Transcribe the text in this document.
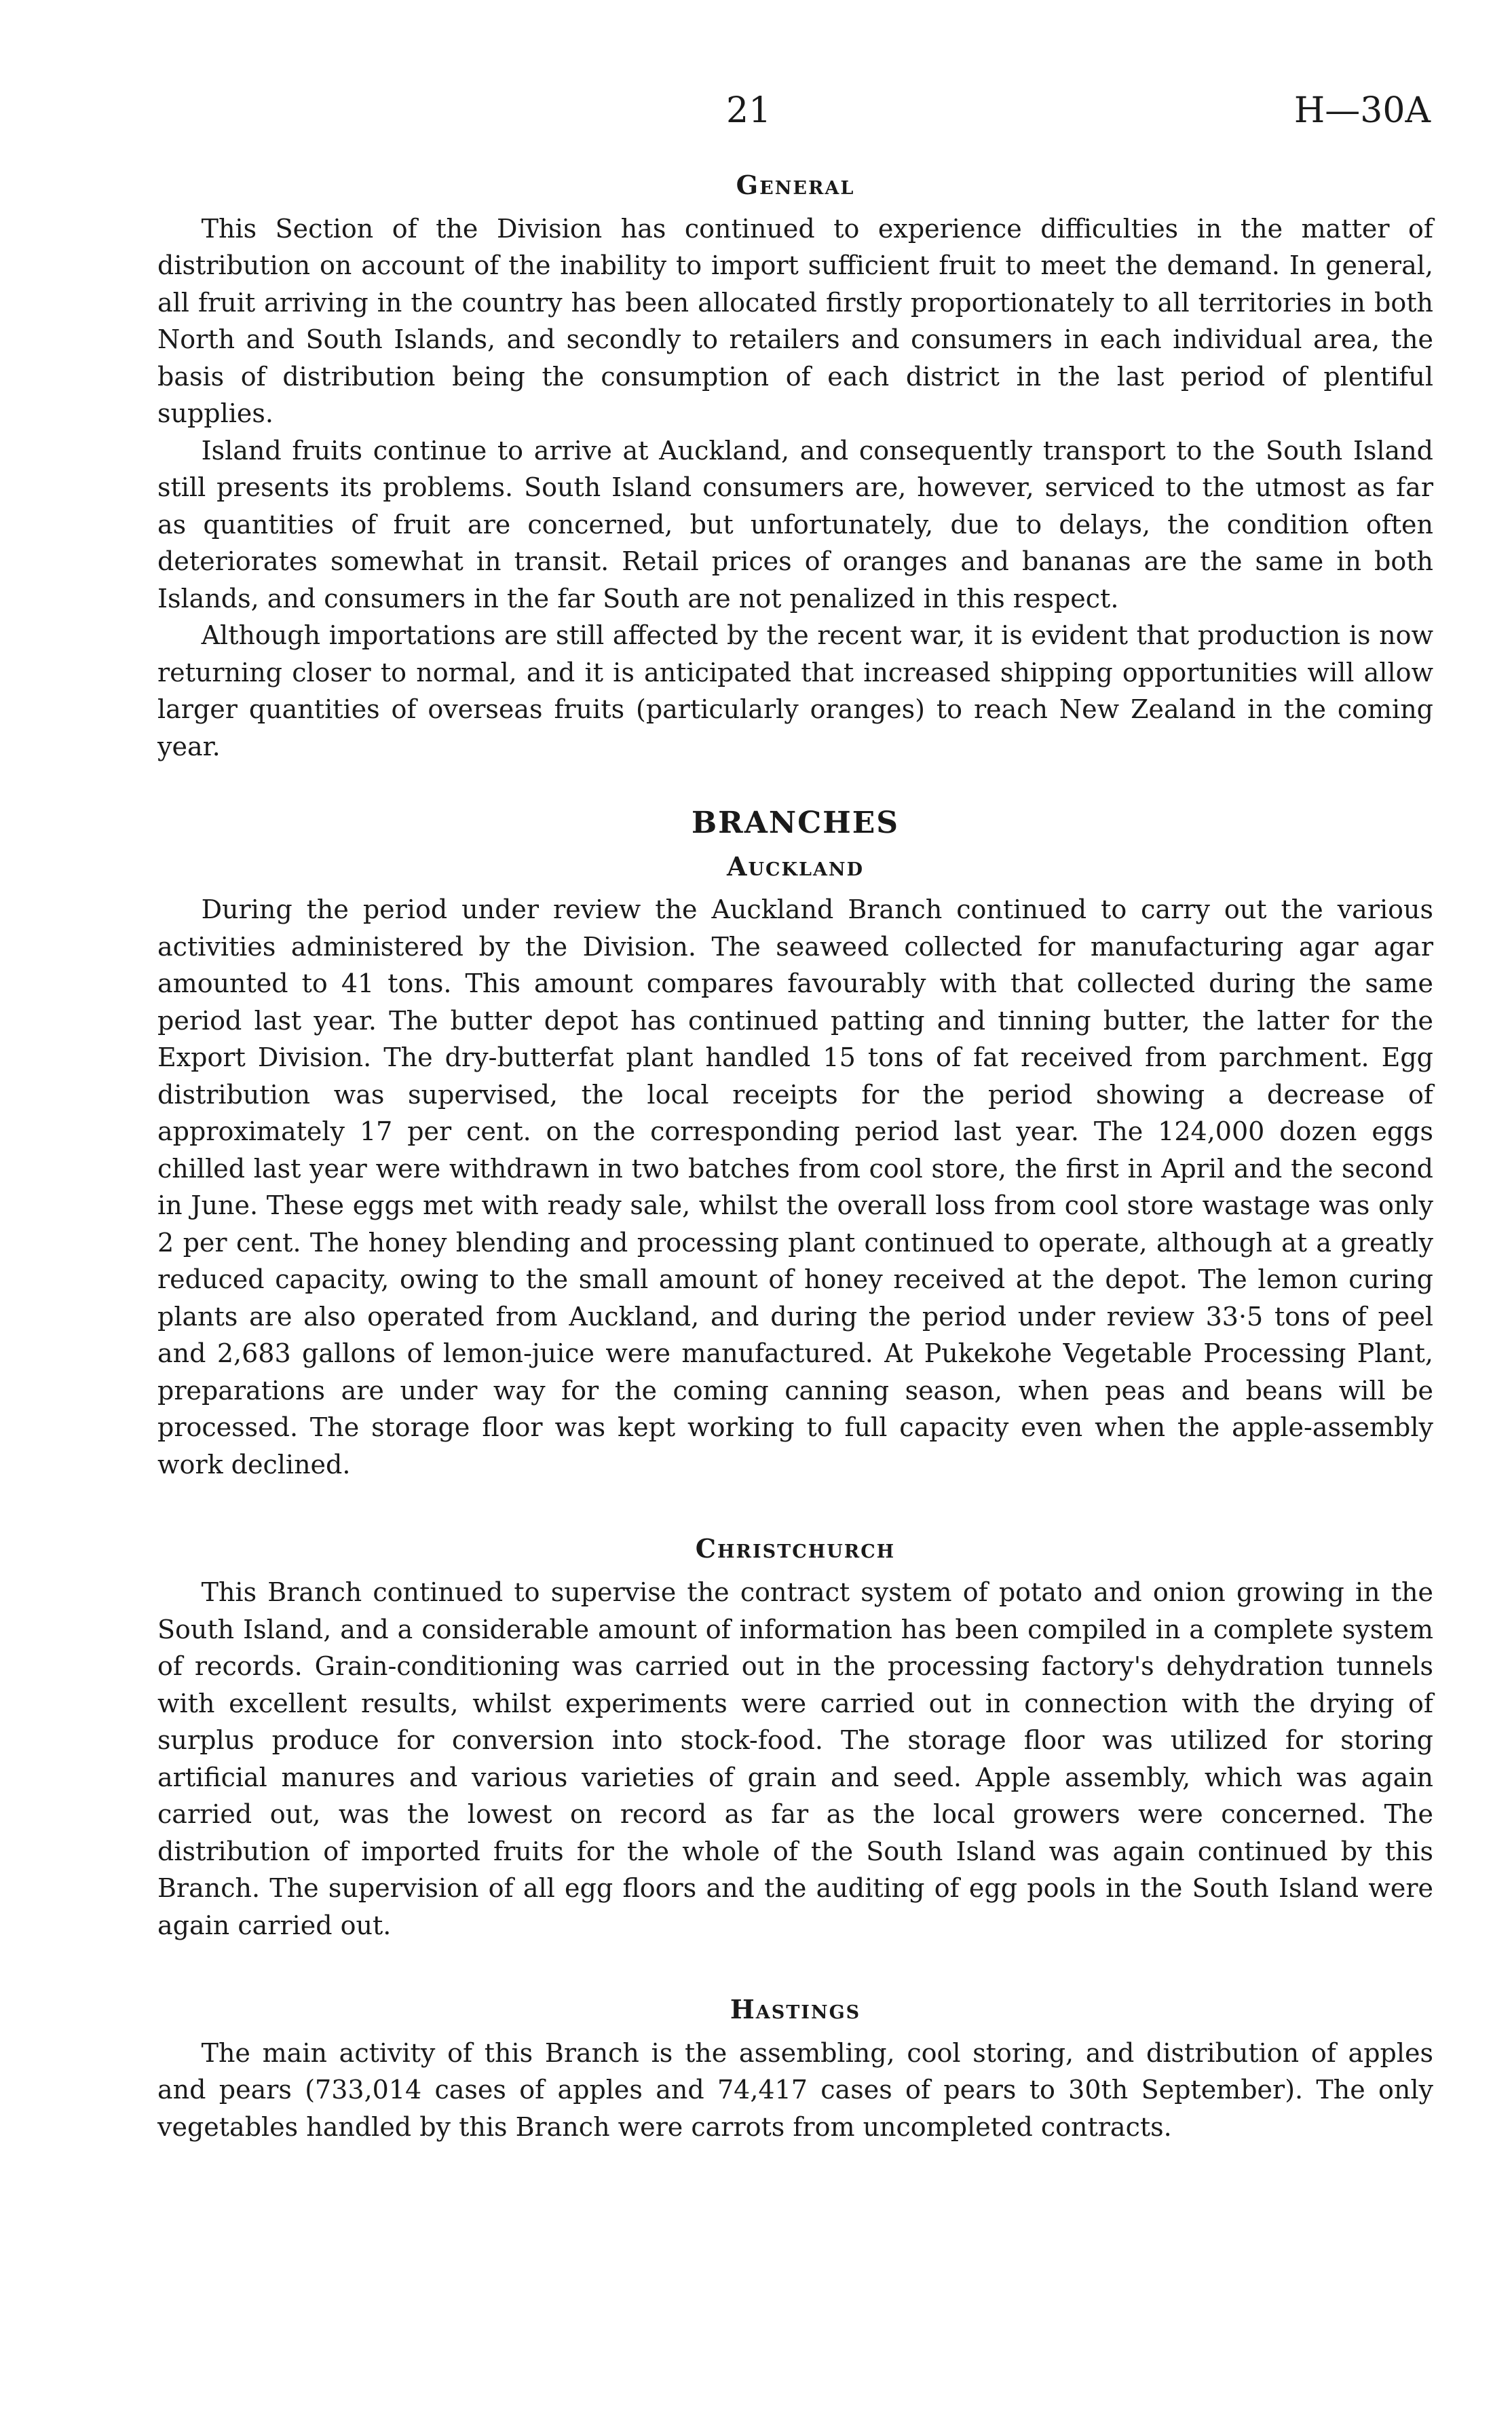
21	H—30A
General

This Section of the Division has continued to experience difficulties in the matter of distribution on account of the inability to import sufficient fruit to meet the demand. In general, all fruit arriving in the country has been allocated firstly proportionately to all territories in both North and South Islands, and secondly to retailers and consumers in each individual area, the basis of distribution being the consumption of each district in the last period of plentiful supplies.

Island fruits continue to arrive at Auckland, and consequently transport to the South Island still presents its problems. South Island consumers are, however, serviced to the utmost as far as quantities of fruit are concerned, but unfortunately, due to delays, the condition often deteriorates somewhat in transit. Retail prices of oranges and bananas are the same in both Islands, and consumers in the far South are not penalized in this respect.

Although importations are still affected by the recent war, it is evident that production is now returning closer to normal, and it is anticipated that increased shipping opportunities will allow larger quantities of overseas fruits (particularly oranges) to reach New Zealand in the coming year.

BRANCHES
Auckland

During the period under review the Auckland Branch continued to carry out the various activities administered by the Division. The seaweed collected for manufacturing agar agar amounted to 41 tons. This amount compares favourably with that collected during the same period last year. The butter depot has continued patting and tinning butter, the latter for the Export Division. The dry-butterfat plant handled 15 tons of fat received from parchment. Egg distribution was supervised, the local receipts for the period showing a decrease of approximately 17 per cent. on the corresponding period last year. The 124,000 dozen eggs chilled last year were withdrawn in two batches from cool store, the first in April and the second in June. These eggs met with ready sale, whilst the overall loss from cool store wastage was only 2 per cent. The honey blending and processing plant continued to operate, although at a greatly reduced capacity, owing to the small amount of honey received at the depot. The lemon curing plants are also operated from Auckland, and during the period under review 33·5 tons of peel and 2,683 gallons of lemon-juice were manufactured. At Pukekohe Vegetable Processing Plant, preparations are under way for the coming canning season, when peas and beans will be processed. The storage floor was kept working to full capacity even when the apple-assembly work declined.

Christchurch

This Branch continued to supervise the contract system of potato and onion growing in the South Island, and a considerable amount of information has been compiled in a complete system of records. Grain-conditioning was carried out in the processing factory's dehydration tunnels with excellent results, whilst experiments were carried out in connection with the drying of surplus produce for conversion into stock-food. The storage floor was utilized for storing artificial manures and various varieties of grain and seed. Apple assembly, which was again carried out, was the lowest on record as far as the local growers were concerned. The distribution of imported fruits for the whole of the South Island was again continued by this Branch. The supervision of all egg floors and the auditing of egg pools in the South Island were again carried out.

Hastings

The main activity of this Branch is the assembling, cool storing, and distribution of apples and pears (733,014 cases of apples and 74,417 cases of pears to 30th September). The only vegetables handled by this Branch were carrots from uncompleted contracts.
